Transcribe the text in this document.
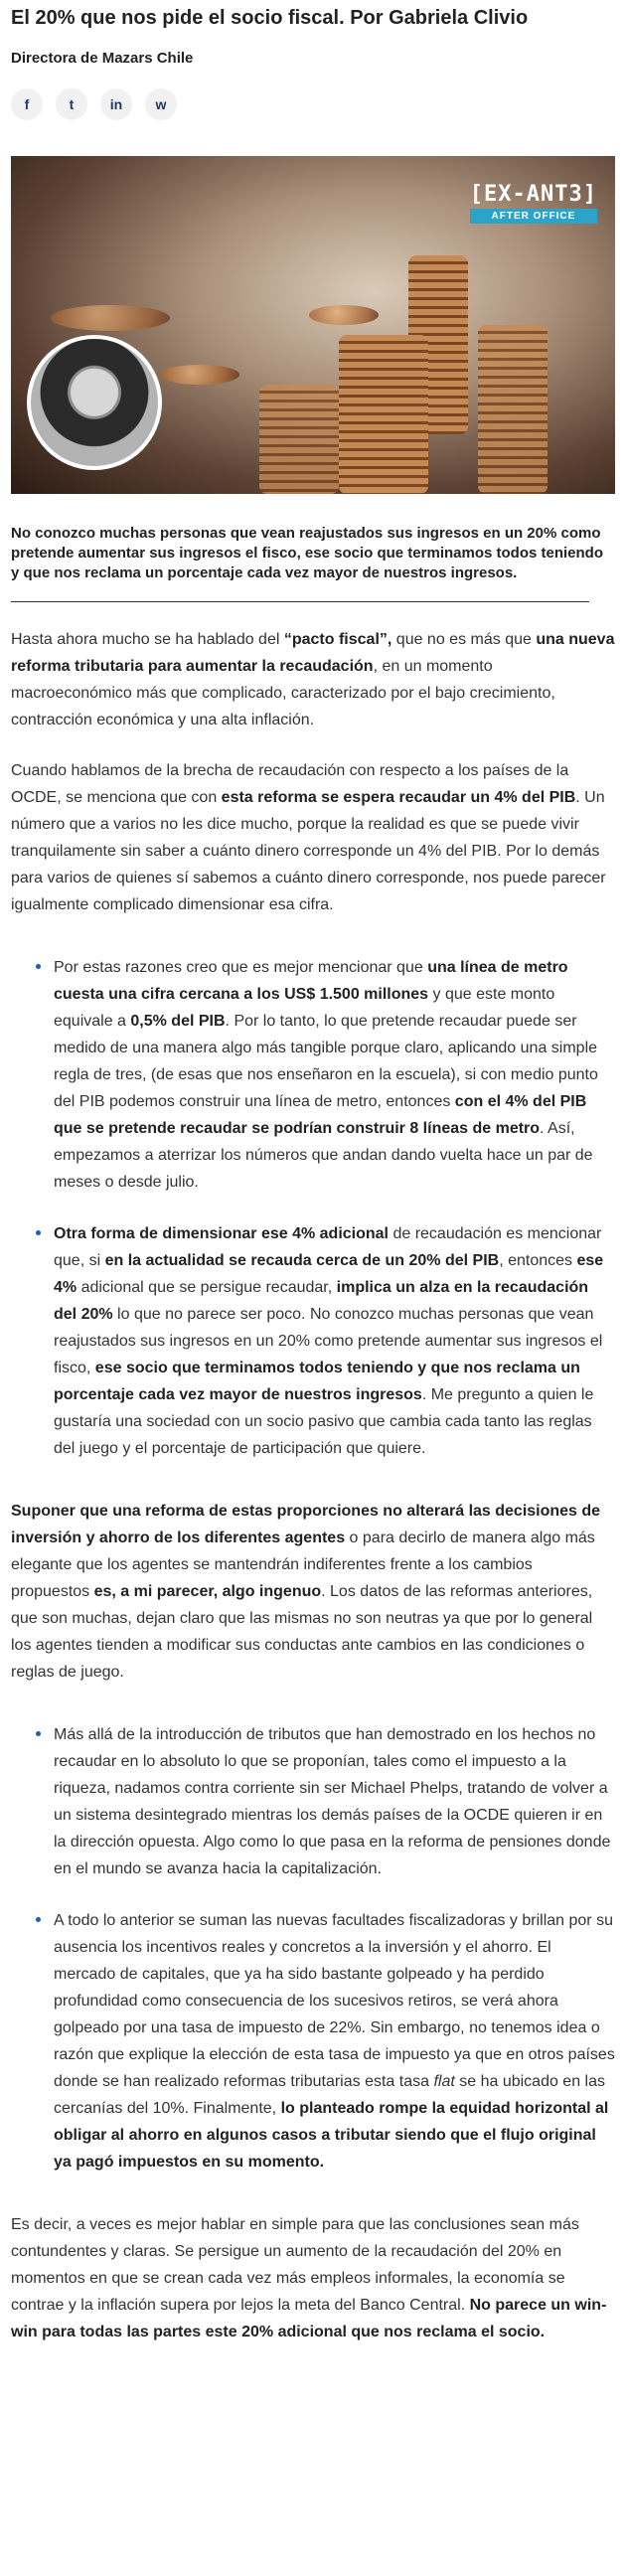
El 20% que nos pide el socio fiscal. Por Gabriela Clivio
Directora de Mazars Chile
f	t	in	w
[EX-ANT3]
AFTER OFFICE
No conozco muchas personas que vean reajustados sus ingresos en un 20% como pretende aumentar sus ingresos el fisco, ese socio que terminamos todos teniendo y que nos reclama un porcentaje cada vez mayor de nuestros ingresos.

Hasta ahora mucho se ha hablado del “pacto fiscal”, que no es más que una nueva reforma tributaria para aumentar la recaudación, en un momento macroeconómico más que complicado, caracterizado por el bajo crecimiento, contracción económica y una alta inflación.

Cuando hablamos de la brecha de recaudación con respecto a los países de la OCDE, se menciona que con esta reforma se espera recaudar un 4% del PIB. Un número que a varios no les dice mucho, porque la realidad es que se puede vivir tranquilamente sin saber a cuánto dinero corresponde un 4% del PIB. Por lo demás para varios de quienes sí sabemos a cuánto dinero corresponde, nos puede parecer igualmente complicado dimensionar esa cifra.

Por estas razones creo que es mejor mencionar que una línea de metro cuesta una cifra cercana a los US$ 1.500 millones y que este monto equivale a 0,5% del PIB. Por lo tanto, lo que pretende recaudar puede ser medido de una manera algo más tangible porque claro, aplicando una simple regla de tres, (de esas que nos enseñaron en la escuela), si con medio punto del PIB podemos construir una línea de metro, entonces con el 4% del PIB que se pretende recaudar se podrían construir 8 líneas de metro. Así, empezamos a aterrizar los números que andan dando vuelta hace un par de meses o desde julio.
Otra forma de dimensionar ese 4% adicional de recaudación es mencionar que, si en la actualidad se recauda cerca de un 20% del PIB, entonces ese 4% adicional que se persigue recaudar, implica un alza en la recaudación del 20% lo que no parece ser poco. No conozco muchas personas que vean reajustados sus ingresos en un 20% como pretende aumentar sus ingresos el fisco, ese socio que terminamos todos teniendo y que nos reclama un porcentaje cada vez mayor de nuestros ingresos. Me pregunto a quien le gustaría una sociedad con un socio pasivo que cambia cada tanto las reglas del juego y el porcentaje de participación que quiere.

Suponer que una reforma de estas proporciones no alterará las decisiones de inversión y ahorro de los diferentes agentes o para decirlo de manera algo más elegante que los agentes se mantendrán indiferentes frente a los cambios propuestos es, a mi parecer, algo ingenuo. Los datos de las reformas anteriores, que son muchas, dejan claro que las mismas no son neutras ya que por lo general los agentes tienden a modificar sus conductas ante cambios en las condiciones o reglas de juego.

Más allá de la introducción de tributos que han demostrado en los hechos no recaudar en lo absoluto lo que se proponían, tales como el impuesto a la riqueza, nadamos contra corriente sin ser Michael Phelps, tratando de volver a un sistema desintegrado mientras los demás países de la OCDE quieren ir en la dirección opuesta. Algo como lo que pasa en la reforma de pensiones donde en el mundo se avanza hacia la capitalización.
A todo lo anterior se suman las nuevas facultades fiscalizadoras y brillan por su ausencia los incentivos reales y concretos a la inversión y el ahorro. El mercado de capitales, que ya ha sido bastante golpeado y ha perdido profundidad como consecuencia de los sucesivos retiros, se verá ahora golpeado por una tasa de impuesto de 22%. Sin embargo, no tenemos idea o razón que explique la elección de esta tasa de impuesto ya que en otros países donde se han realizado reformas tributarias esta tasa flat se ha ubicado en las cercanías del 10%. Finalmente, lo planteado rompe la equidad horizontal al obligar al ahorro en algunos casos a tributar siendo que el flujo original ya pagó impuestos en su momento.

Es decir, a veces es mejor hablar en simple para que las conclusiones sean más contundentes y claras. Se persigue un aumento de la recaudación del 20% en momentos en que se crean cada vez más empleos informales, la economía se contrae y la inflación supera por lejos la meta del Banco Central. No parece un win-win para todas las partes este 20% adicional que nos reclama el socio.
